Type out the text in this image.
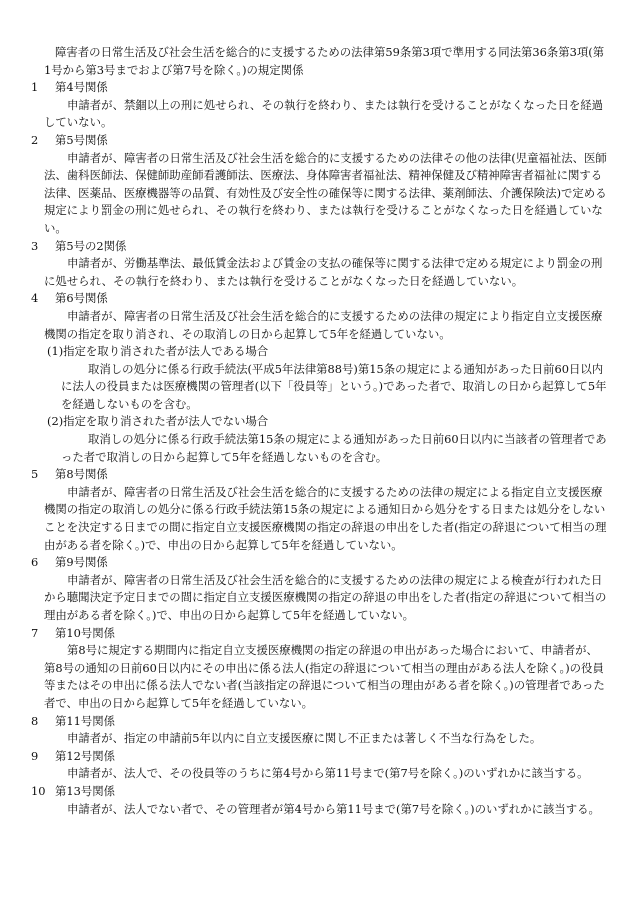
障害者の日常生活及び社会生活を総合的に支援するための法律第59条第3項で準用する同法第36条第3項(第1号から第3号までおよび第7号を除く。)の規定関係

1	第4号関係

申請者が、禁錮以上の刑に処せられ、その執行を終わり、または執行を受けることがなくなった日を経過していない。

2	第5号関係

申請者が、障害者の日常生活及び社会生活を総合的に支援するための法律その他の法律(児童福祉法、医師法、歯科医師法、保健師助産師看護師法、医療法、身体障害者福祉法、精神保健及び精神障害者福祉に関する法律、医薬品、医療機器等の品質、有効性及び安全性の確保等に関する法律、薬剤師法、介護保険法)で定める規定により罰金の刑に処せられ、その執行を終わり、または執行を受けることがなくなった日を経過していない。

3	第5号の2関係

申請者が、労働基準法、最低賃金法および賃金の支払の確保等に関する法律で定める規定により罰金の刑に処せられ、その執行を終わり、または執行を受けることがなくなった日を経過していない。

4	第6号関係

申請者が、障害者の日常生活及び社会生活を総合的に支援するための法律の規定により指定自立支援医療機関の指定を取り消され、その取消しの日から起算して5年を経過していない。

(1)指定を取り消された者が法人である場合

取消しの処分に係る行政手続法(平成5年法律第88号)第15条の規定による通知があった日前60日以内に法人の役員または医療機関の管理者(以下「役員等」という。)であった者で、取消しの日から起算して5年を経過しないものを含む。

(2)指定を取り消された者が法人でない場合

取消しの処分に係る行政手続法第15条の規定による通知があった日前60日以内に当該者の管理者であった者で取消しの日から起算して5年を経過しないものを含む。

5	第8号関係

申請者が、障害者の日常生活及び社会生活を総合的に支援するための法律の規定による指定自立支援医療機関の指定の取消しの処分に係る行政手続法第15条の規定による通知日から処分をする日または処分をしないことを決定する日までの間に指定自立支援医療機関の指定の辞退の申出をした者(指定の辞退について相当の理由がある者を除く。)で、申出の日から起算して5年を経過していない。

6	第9号関係

申請者が、障害者の日常生活及び社会生活を総合的に支援するための法律の規定による検査が行われた日から聴聞決定予定日までの間に指定自立支援医療機関の指定の辞退の申出をした者(指定の辞退について相当の理由がある者を除く。)で、申出の日から起算して5年を経過していない。

7	第10号関係

第8号に規定する期間内に指定自立支援医療機関の指定の辞退の申出があった場合において、申請者が、第8号の通知の日前60日以内にその申出に係る法人(指定の辞退について相当の理由がある法人を除く。)の役員等またはその申出に係る法人でない者(当該指定の辞退について相当の理由がある者を除く。)の管理者であった者で、申出の日から起算して5年を経過していない。

8	第11号関係

申請者が、指定の申請前5年以内に自立支援医療に関し不正または著しく不当な行為をした。

9	第12号関係

申請者が、法人で、その役員等のうちに第4号から第11号まで(第7号を除く。)のいずれかに該当する。

10 第13号関係

申請者が、法人でない者で、その管理者が第4号から第11号まで(第7号を除く。)のいずれかに該当する。
